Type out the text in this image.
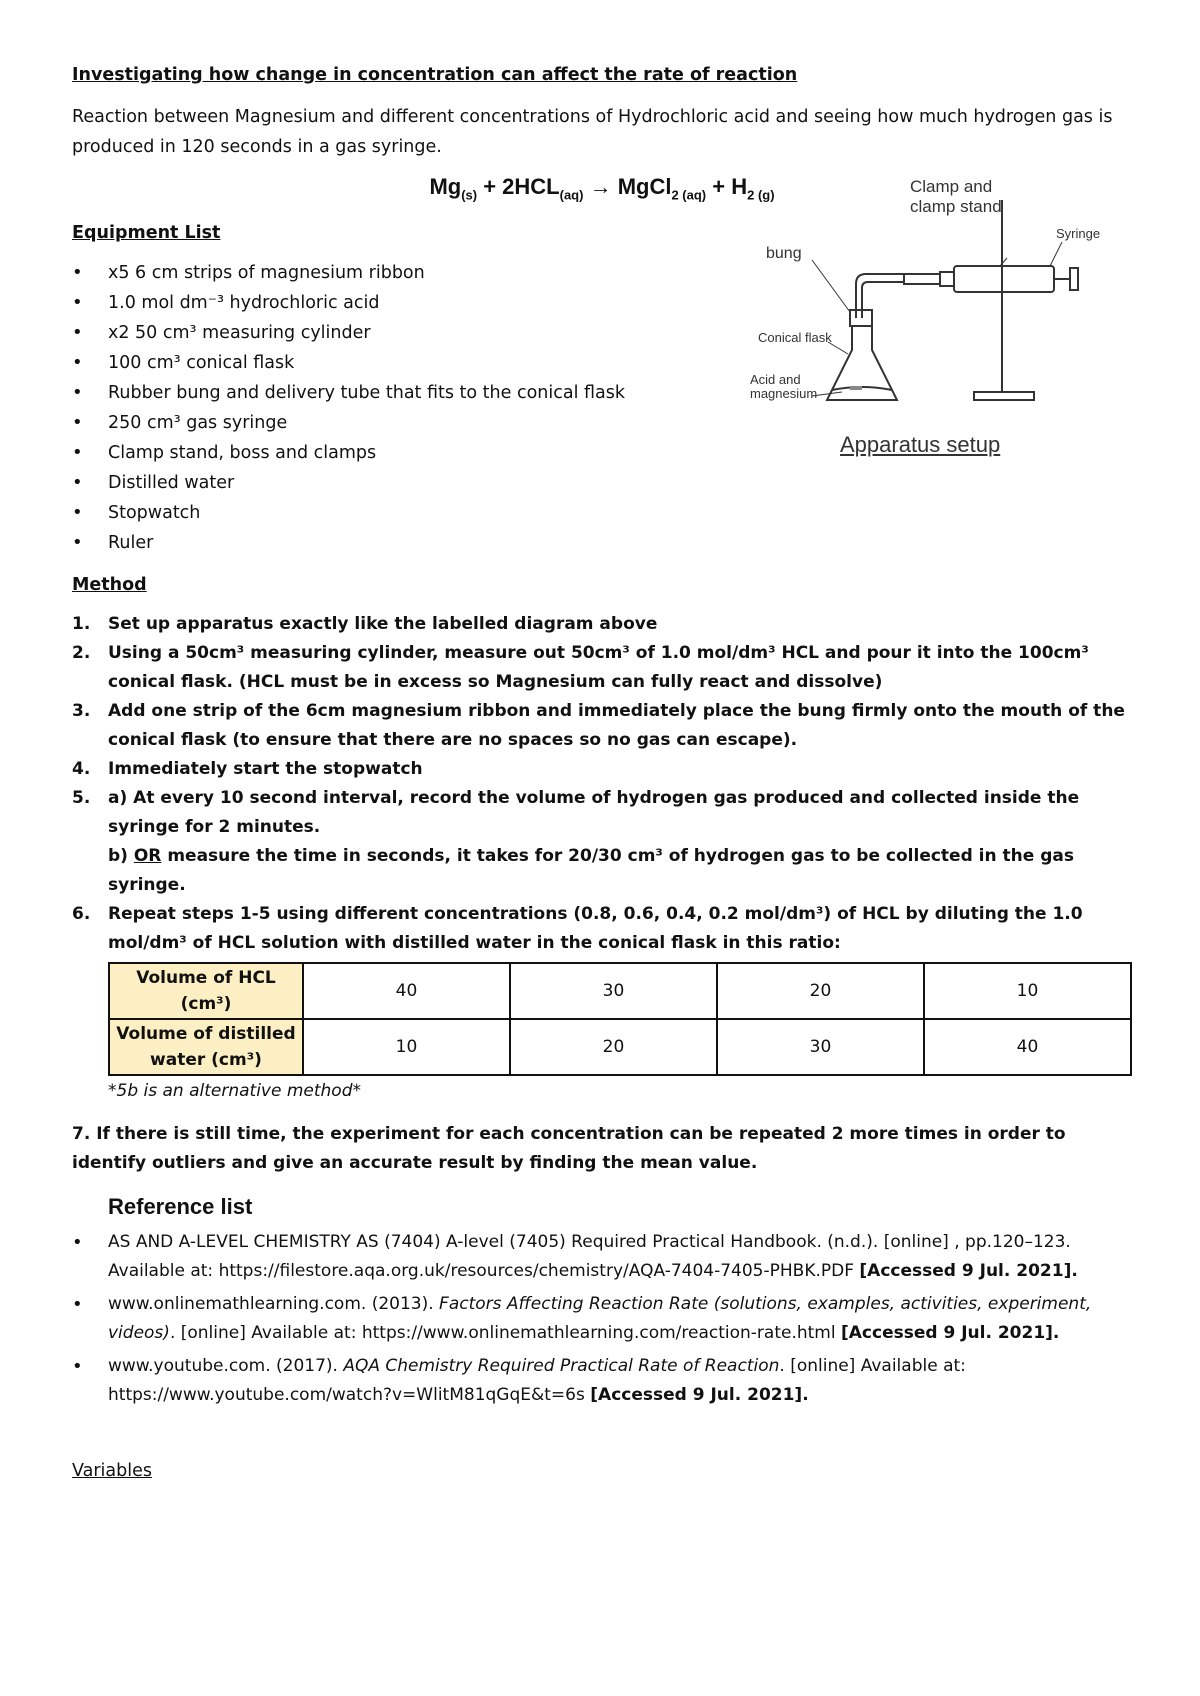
Investigating how change in concentration can affect the rate of reaction
Reaction between Magnesium and different concentrations of Hydrochloric acid and seeing how much hydrogen gas is produced in 120 seconds in a gas syringe.
$Mg_{(s)} + 2HCL_{(aq)}$ → MgCl$_{2 (aq)}$ + $H_{2 (g)}$
Equipment List
• x5 6 cm strips of magnesium ribbon
• 1.0 mol dm⁻³ hydrochloric acid
• x2 50 cm³ measuring cylinder
• 100 cm³ conical flask
• Rubber bung and delivery tube that fits to the conical flask
• 250 cm³ gas syringe
• Clamp stand, boss and clamps
• Distilled water
• Stopwatch
• Ruler
Clamp and
clamp stand
Syringe
bung
Conical flask
Acid and
magnesium
Apparatus setup
Method
1. Set up apparatus exactly like the labelled diagram above
2. Using a 50cm³ measuring cylinder, measure out 50cm³ of 1.0 mol/dm³ HCL and pour it into the 100cm³ conical flask. (HCL must be in excess so Magnesium can fully react and dissolve)
3. Add one strip of the 6cm magnesium ribbon and immediately place the bung firmly onto the mouth of the conical flask (to ensure that there are no spaces so no gas can escape).
4. Immediately start the stopwatch
5. a) At every 10 second interval, record the volume of hydrogen gas produced and collected inside the syringe for 2 minutes.
b) OR measure the time in seconds, it takes for 20/30 cm³ of hydrogen gas to be collected in the gas syringe.
6. Repeat steps 1-5 using different concentrations (0.8, 0.6, 0.4, 0.2 mol/dm³) of HCL by diluting the 1.0 mol/dm³ of HCL solution with distilled water in the conical flask in this ratio:
Volume of HCL (cm³)	40	30	20	10
Volume of distilled water (cm³)	10	20	30	40
*5b is an alternative method*
7. If there is still time, the experiment for each concentration can be repeated 2 more times in order to identify outliers and give an accurate result by finding the mean value.
Reference list
• AS AND A-LEVEL CHEMISTRY AS (7404) A-level (7405) Required Practical Handbook. (n.d.). [online] , pp.120–123. Available at: https://filestore.aqa.org.uk/resources/chemistry/AQA-7404-7405-PHBK.PDF [Accessed 9 Jul. 2021].
• www.onlinemathlearning.com. (2013). Factors Affecting Reaction Rate (solutions, examples, activities, experiment, videos). [online] Available at: https://www.onlinemathlearning.com/reaction-rate.html [Accessed 9 Jul. 2021].
• www.youtube.com. (2017). AQA Chemistry Required Practical Rate of Reaction. [online] Available at: https://www.youtube.com/watch?v=WlitM81qGqE&t=6s [Accessed 9 Jul. 2021].
Variables
